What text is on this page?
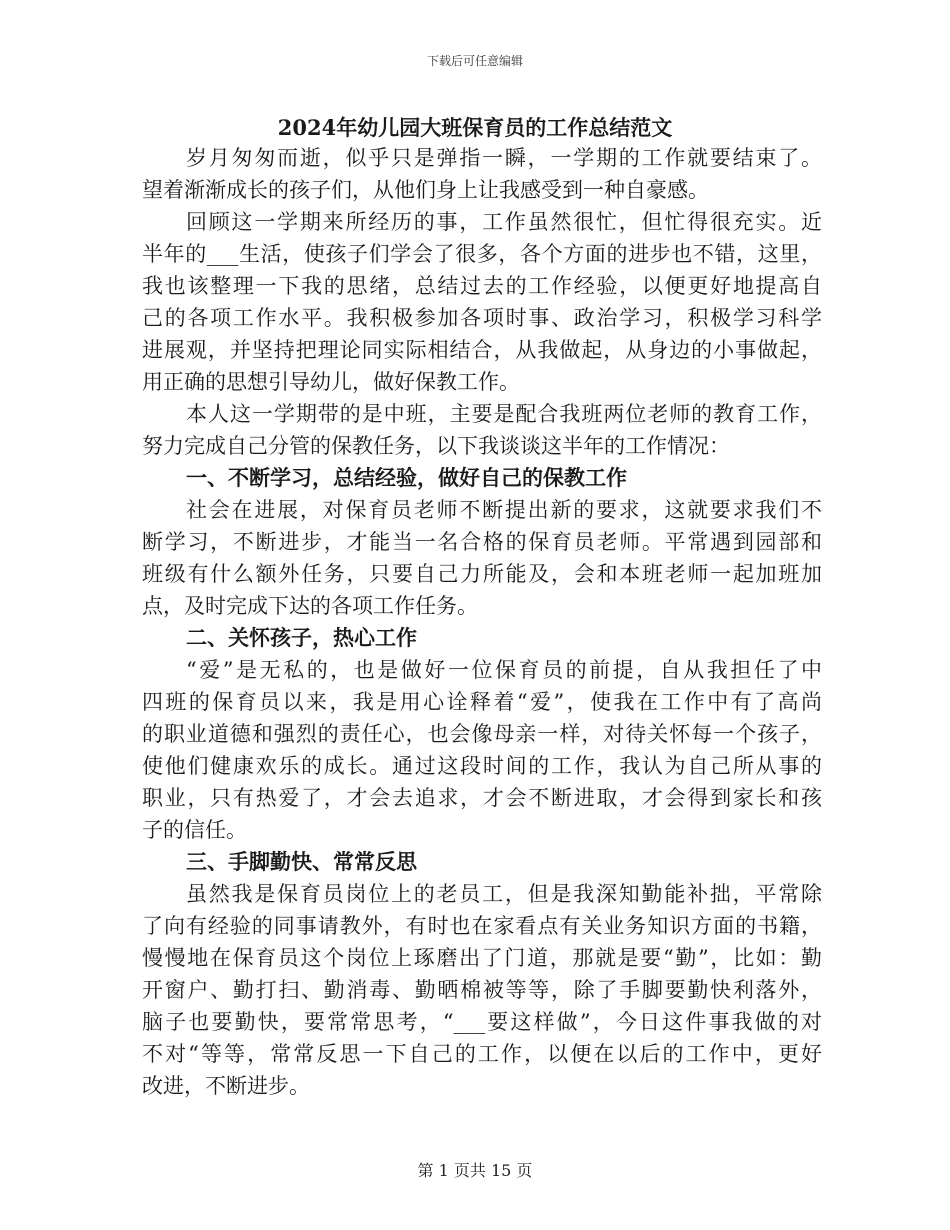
下载后可任意编辑
2024年幼儿园大班保育员的工作总结范文
岁月匆匆而逝，似乎只是弹指一瞬，一学期的工作就要结束了。
望着渐渐成长的孩子们，从他们身上让我感受到一种自豪感。
回顾这一学期来所经历的事，工作虽然很忙，但忙得很充实。近
半年的___生活，使孩子们学会了很多，各个方面的进步也不错，这里，
我也该整理一下我的思绪，总结过去的工作经验，以便更好地提高自
己的各项工作水平。我积极参加各项时事、政治学习，积极学习科学
进展观，并坚持把理论同实际相结合，从我做起，从身边的小事做起，
用正确的思想引导幼儿，做好保教工作。
本人这一学期带的是中班，主要是配合我班两位老师的教育工作，
努力完成自己分管的保教任务，以下我谈谈这半年的工作情况：
一、不断学习，总结经验，做好自己的保教工作
社会在进展，对保育员老师不断提出新的要求，这就要求我们不
断学习，不断进步，才能当一名合格的保育员老师。平常遇到园部和
班级有什么额外任务，只要自己力所能及，会和本班老师一起加班加
点，及时完成下达的各项工作任务。
二、关怀孩子，热心工作
“爱”是无私的，也是做好一位保育员的前提，自从我担任了中
四班的保育员以来，我是用心诠释着“爱”，使我在工作中有了高尚
的职业道德和强烈的责任心，也会像母亲一样，对待关怀每一个孩子，
使他们健康欢乐的成长。通过这段时间的工作，我认为自己所从事的
职业，只有热爱了，才会去追求，才会不断进取，才会得到家长和孩
子的信任。
三、手脚勤快、常常反思
虽然我是保育员岗位上的老员工，但是我深知勤能补拙，平常除
了向有经验的同事请教外，有时也在家看点有关业务知识方面的书籍，
慢慢地在保育员这个岗位上琢磨出了门道，那就是要“勤”，比如：勤
开窗户、勤打扫、勤消毒、勤晒棉被等等，除了手脚要勤快利落外，
脑子也要勤快，要常常思考，“___要这样做”，今日这件事我做的对
不对“等等，常常反思一下自己的工作，以便在以后的工作中，更好
改进，不断进步。
第 1 页共 15 页
